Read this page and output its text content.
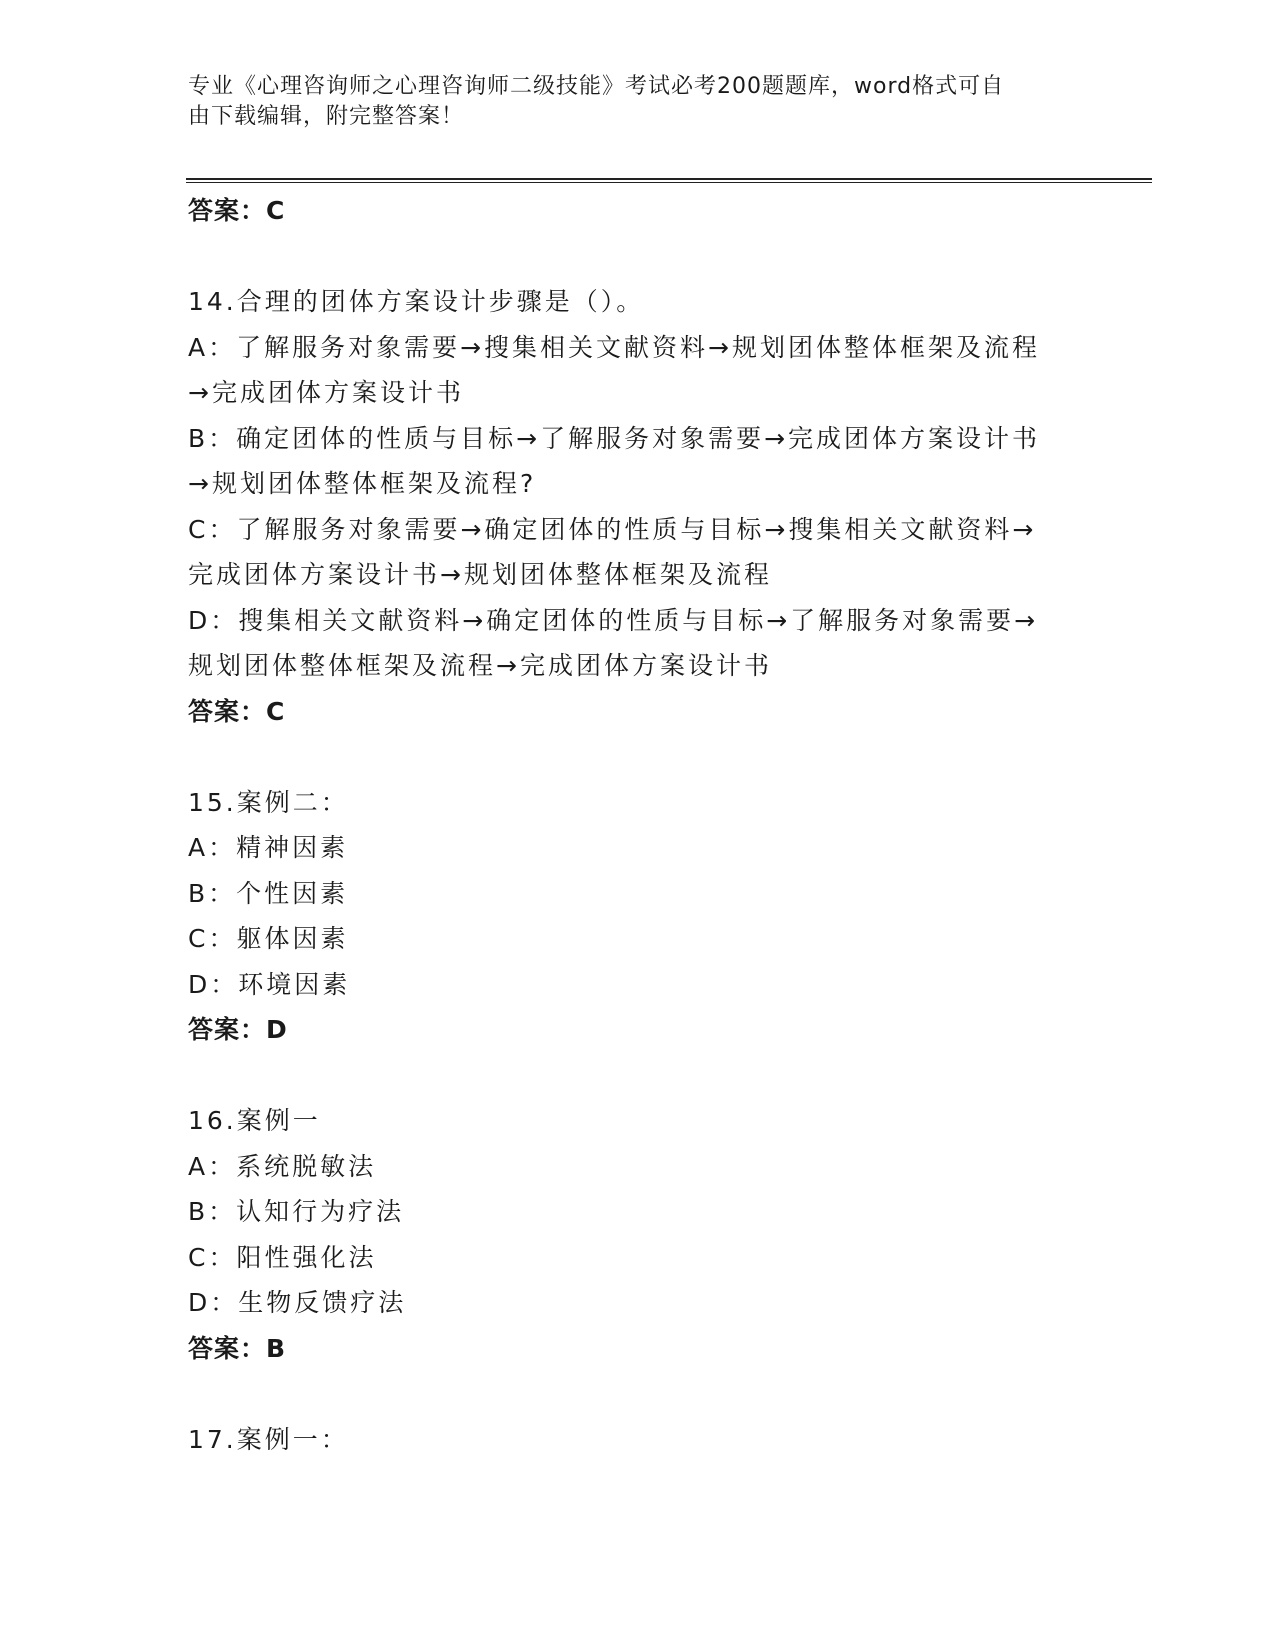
专业《心理咨询师之心理咨询师二级技能》考试必考200题题库，word格式可自
由下载编辑，附完整答案！
答案：C
14.合理的团体方案设计步骤是（）。
A：了解服务对象需要→搜集相关文献资料→规划团体整体框架及流程
→完成团体方案设计书
B：确定团体的性质与目标→了解服务对象需要→完成团体方案设计书
→规划团体整体框架及流程?
C：了解服务对象需要→确定团体的性质与目标→搜集相关文献资料→
完成团体方案设计书→规划团体整体框架及流程
D：搜集相关文献资料→确定团体的性质与目标→了解服务对象需要→
规划团体整体框架及流程→完成团体方案设计书
答案：C
15.案例二：
A：精神因素
B：个性因素
C：躯体因素
D：环境因素
答案：D
16.案例一
A：系统脱敏法
B：认知行为疗法
C：阳性强化法
D：生物反馈疗法
答案：B
17.案例一：
